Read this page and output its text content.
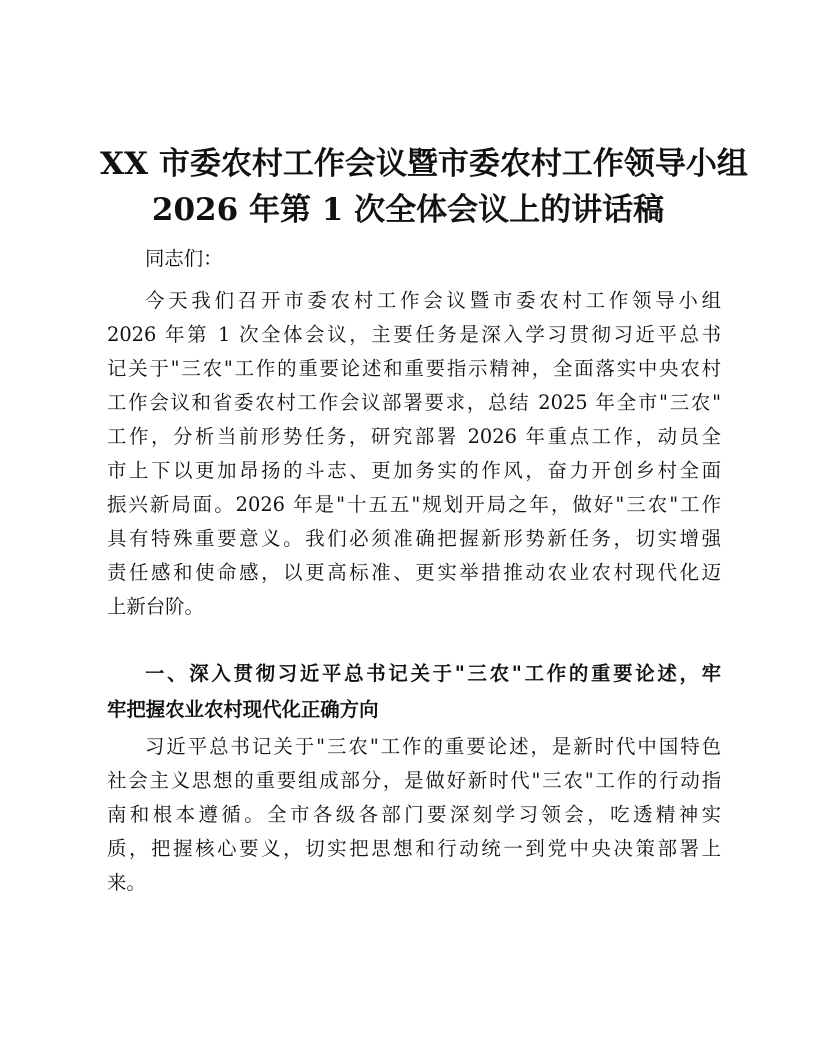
XX 市委农村工作会议暨市委农村工作领导小组
2026 年第 1 次全体会议上的讲话稿
同志们：
今天我们召开市委农村工作会议暨市委农村工作领导小组
2026 年第 1 次全体会议，主要任务是深入学习贯彻习近平总书
记关于"三农"工作的重要论述和重要指示精神，全面落实中央农村
工作会议和省委农村工作会议部署要求，总结 2025 年全市"三农"
工作，分析当前形势任务，研究部署 2026 年重点工作，动员全
市上下以更加昂扬的斗志、更加务实的作风，奋力开创乡村全面
振兴新局面。2026 年是"十五五"规划开局之年，做好"三农"工作
具有特殊重要意义。我们必须准确把握新形势新任务，切实增强
责任感和使命感，以更高标准、更实举措推动农业农村现代化迈
上新台阶。
一、深入贯彻习近平总书记关于"三农"工作的重要论述，牢
牢把握农业农村现代化正确方向
习近平总书记关于"三农"工作的重要论述，是新时代中国特色
社会主义思想的重要组成部分，是做好新时代"三农"工作的行动指
南和根本遵循。全市各级各部门要深刻学习领会，吃透精神实
质，把握核心要义，切实把思想和行动统一到党中央决策部署上
来。
